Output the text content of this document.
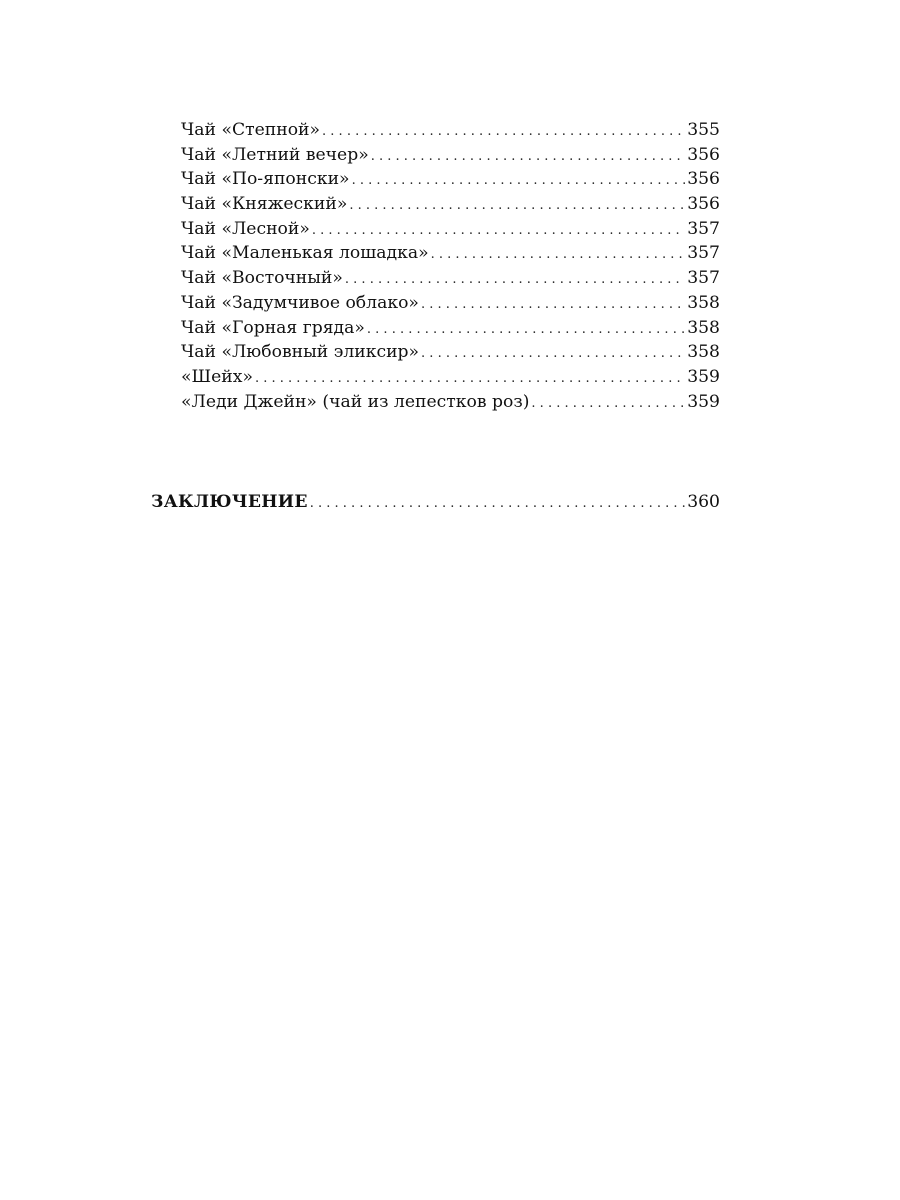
Чай «Степной» . . .	355
Чай «Летний вечер» . . .	356
Чай «По-японски» . . .	356
Чай «Княжеский» . . .	356
Чай «Лесной» . . .	357
Чай «Маленькая лошадка» . . .	357
Чай «Восточный» . . .	357
Чай «Задумчивое облако» . . .	358
Чай «Горная гряда» . . .	358
Чай «Любовный эликсир» . . .	358
«Шейх» . . .	359
«Леди Джейн» (чай из лепестков роз) . . .	359
ЗАКЛЮЧЕНИЕ . . .	360
